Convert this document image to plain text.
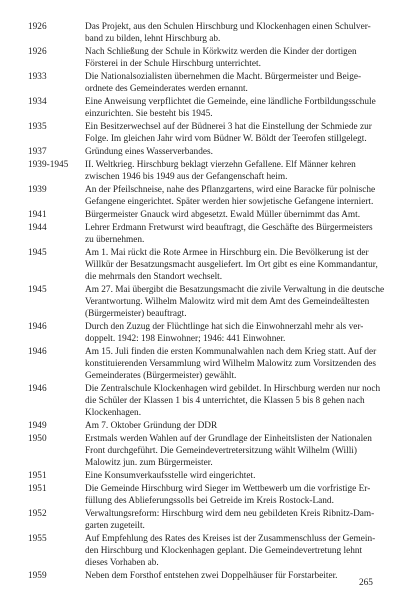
1926	Das Projekt, aus den Schulen Hirschburg und Klockenhagen einen Schulver-
band zu bilden, lehnt Hirschburg ab.
1926	Nach Schließung der Schule in Körkwitz werden die Kinder der dortigen
Försterei in der Schule Hirschburg unterrichtet.
1933	Die Nationalsozialisten übernehmen die Macht. Bürgermeister und Beige-
ordnete des Gemeinderates werden ernannt.
1934	Eine Anweisung verpflichtet die Gemeinde, eine ländliche Fortbildungsschule
einzurichten. Sie besteht bis 1945.
1935	Ein Besitzerwechsel auf der Büdnerei 3 hat die Einstellung der Schmiede zur
Folge. Im gleichen Jahr wird vom Büdner W. Böldt der Teerofen stillgelegt.
1937	Gründung eines Wasserverbandes.
1939-1945	II. Weltkrieg. Hirschburg beklagt vierzehn Gefallene. Elf Männer kehren
zwischen 1946 bis 1949 aus der Gefangenschaft heim.
1939	An der Pfeilschneise, nahe des Pflanzgartens, wird eine Baracke für polnische
Gefangene eingerichtet. Später werden hier sowjetische Gefangene interniert.
1941	Bürgermeister Gnauck wird abgesetzt. Ewald Müller übernimmt das Amt.
1944	Lehrer Erdmann Fretwurst wird beauftragt, die Geschäfte des Bürgermeisters
zu übernehmen.
1945	Am 1. Mai rückt die Rote Armee in Hirschburg ein. Die Bevölkerung ist der
Willkür der Besatzungsmacht ausgeliefert. Im Ort gibt es eine Kommandantur,
die mehrmals den Standort wechselt.
1945	Am 27. Mai übergibt die Besatzungsmacht die zivile Verwaltung in die deutsche
Verantwortung. Wilhelm Malowitz wird mit dem Amt des Gemeindeältesten
(Bürgermeister) beauftragt.
1946	Durch den Zuzug der Flüchtlinge hat sich die Einwohnerzahl mehr als ver-
doppelt. 1942: 198 Einwohner; 1946: 441 Einwohner.
1946	Am 15. Juli finden die ersten Kommunalwahlen nach dem Krieg statt. Auf der
konstituierenden Versammlung wird Wilhelm Malowitz zum Vorsitzenden des
Gemeinderates (Bürgermeister) gewählt.
1946	Die Zentralschule Klockenhagen wird gebildet. In Hirschburg werden nur noch
die Schüler der Klassen 1 bis 4 unterrichtet, die Klassen 5 bis 8 gehen nach
Klockenhagen.
1949	Am 7. Oktober Gründung der DDR
1950	Erstmals werden Wahlen auf der Grundlage der Einheitslisten der Nationalen
Front durchgeführt. Die Gemeindevertretersitzung wählt Wilhelm (Willi)
Malowitz jun. zum Bürgermeister.
1951	Eine Konsumverkaufsstelle wird eingerichtet.
1951	Die Gemeinde Hirschburg wird Sieger im Wettbewerb um die vorfristige Er-
füllung des Ablieferungssolls bei Getreide im Kreis Rostock-Land.
1952	Verwaltungsreform: Hirschburg wird dem neu gebildeten Kreis Ribnitz-Dam-
garten zugeteilt.
1955	Auf Empfehlung des Rates des Kreises ist der Zusammenschluss der Gemein-
den Hirschburg und Klockenhagen geplant. Die Gemeindevertretung lehnt
dieses Vorhaben ab.
1959	Neben dem Forsthof entstehen zwei Doppelhäuser für Forstarbeiter.
265
